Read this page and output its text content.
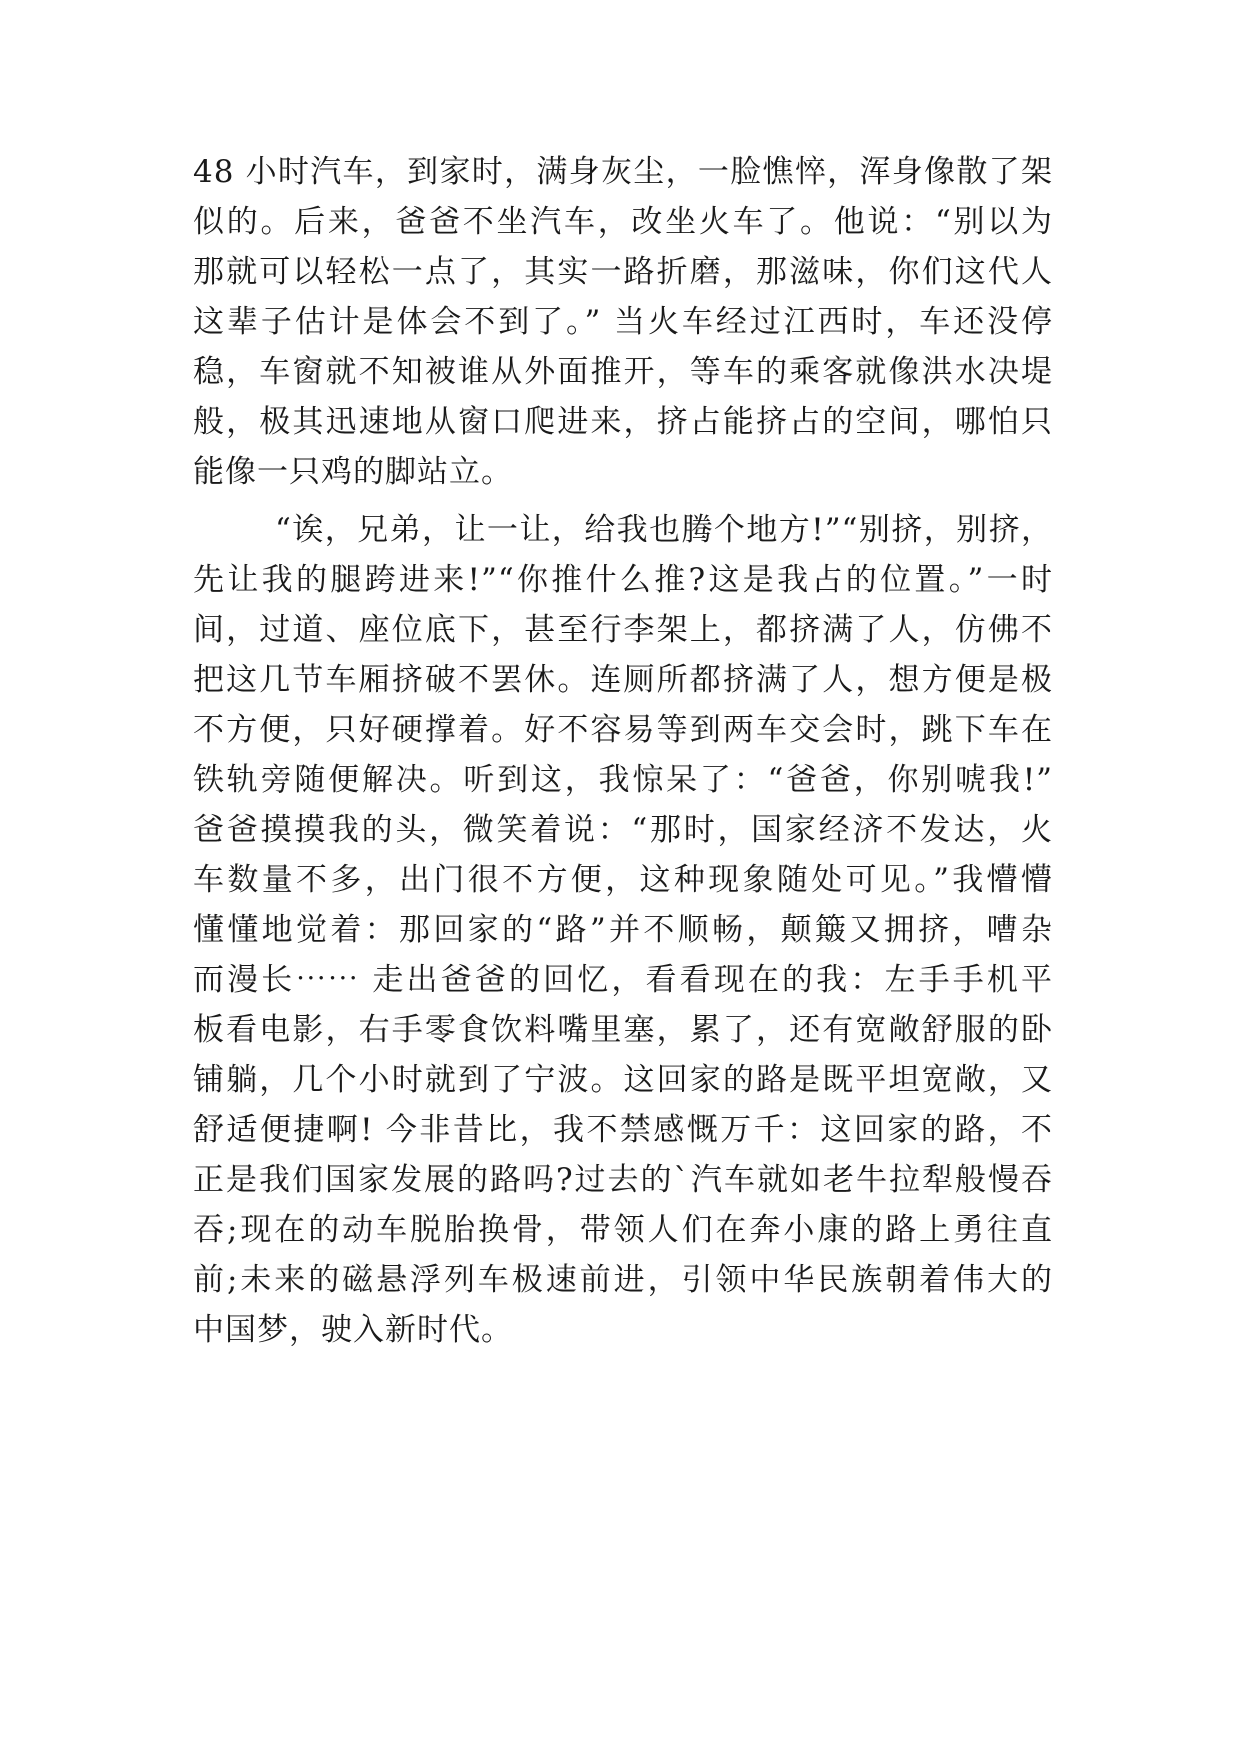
48 小时汽车，到家时，满身灰尘，一脸憔悴，浑身像散了架
似的。后来，爸爸不坐汽车，改坐火车了。他说：“别以为
那就可以轻松一点了，其实一路折磨，那滋味，你们这代人
这辈子估计是体会不到了。” 当火车经过江西时，车还没停
稳，车窗就不知被谁从外面推开，等车的乘客就像洪水决堤
般，极其迅速地从窗口爬进来，挤占能挤占的空间，哪怕只
能像一只鸡的脚站立。
“诶，兄弟，让一让，给我也腾个地方!”“别挤，别挤，
先让我的腿跨进来!”“你推什么推?这是我占的位置。”一时
间，过道、座位底下，甚至行李架上，都挤满了人，仿佛不
把这几节车厢挤破不罢休。连厕所都挤满了人，想方便是极
不方便，只好硬撑着。好不容易等到两车交会时，跳下车在
铁轨旁随便解决。听到这，我惊呆了：“爸爸，你别唬我!”
爸爸摸摸我的头，微笑着说：“那时，国家经济不发达，火
车数量不多，出门很不方便，这种现象随处可见。”我懵懵
懂懂地觉着：那回家的“路”并不顺畅，颠簸又拥挤，嘈杂
而漫长⋯⋯ 走出爸爸的回忆，看看现在的我：左手手机平
板看电影，右手零食饮料嘴里塞，累了，还有宽敞舒服的卧
铺躺，几个小时就到了宁波。这回家的路是既平坦宽敞，又
舒适便捷啊! 今非昔比，我不禁感慨万千：这回家的路，不
正是我们国家发展的路吗?过去的`汽车就如老牛拉犁般慢吞
吞;现在的动车脱胎换骨，带领人们在奔小康的路上勇往直
前;未来的磁悬浮列车极速前进，引领中华民族朝着伟大的
中国梦，驶入新时代。
